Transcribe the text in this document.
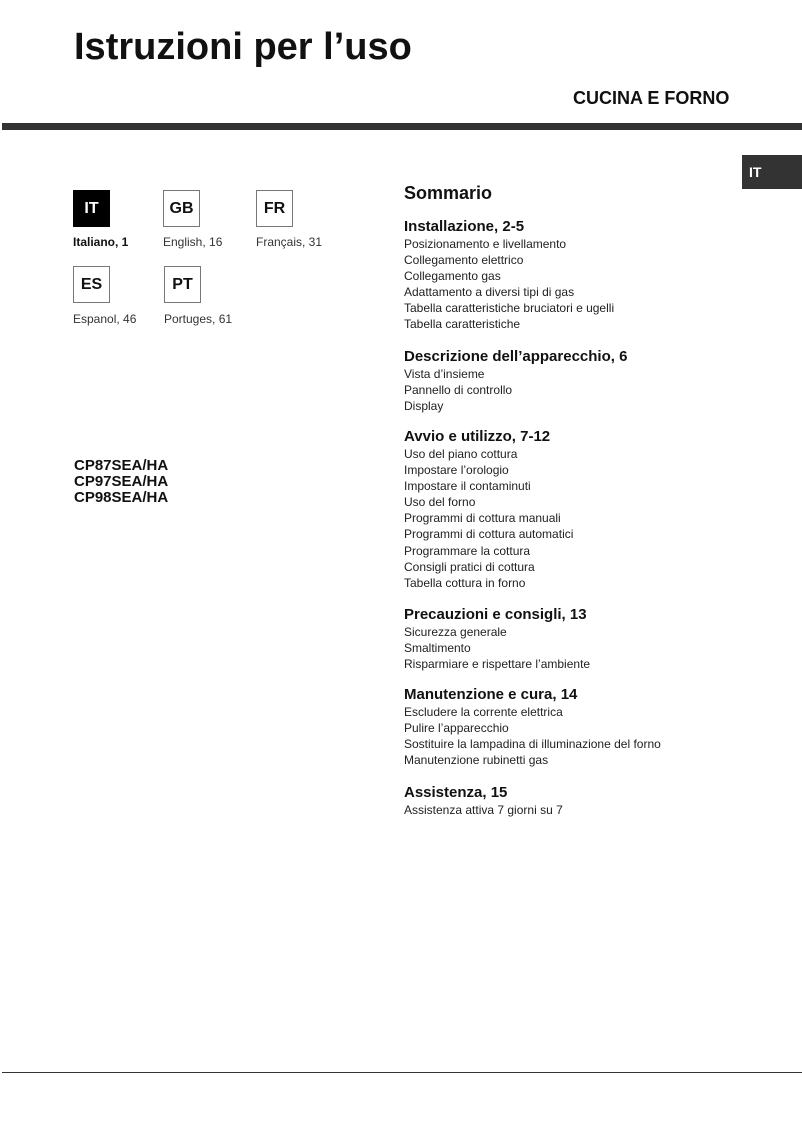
Istruzioni per l’uso
CUCINA E FORNO
IT
IT	GB	FR
Italiano, 1	English, 16	Français, 31
ES	PT
Espanol, 46 Portuges, 61
CP87SEA/HA
CP97SEA/HA
CP98SEA/HA
Sommario
Installazione, 2-5
Posizionamento e livellamento
Collegamento elettrico
Collegamento gas
Adattamento a diversi tipi di gas
Tabella caratteristiche bruciatori e ugelli
Tabella caratteristiche
Descrizione dell’apparecchio, 6
Vista d’insieme
Pannello di controllo
Display
Avvio e utilizzo, 7-12
Uso del piano cottura
Impostare l’orologio
Impostare il contaminuti
Uso del forno
Programmi di cottura manuali
Programmi di cottura automatici
Programmare la cottura
Consigli pratici di cottura
Tabella cottura in forno
Precauzioni e consigli, 13
Sicurezza generale
Smaltimento
Risparmiare e rispettare l’ambiente
Manutenzione e cura, 14
Escludere la corrente elettrica
Pulire l’apparecchio
Sostituire la lampadina di illuminazione del forno
Manutenzione rubinetti gas
Assistenza, 15
Assistenza attiva 7 giorni su 7
